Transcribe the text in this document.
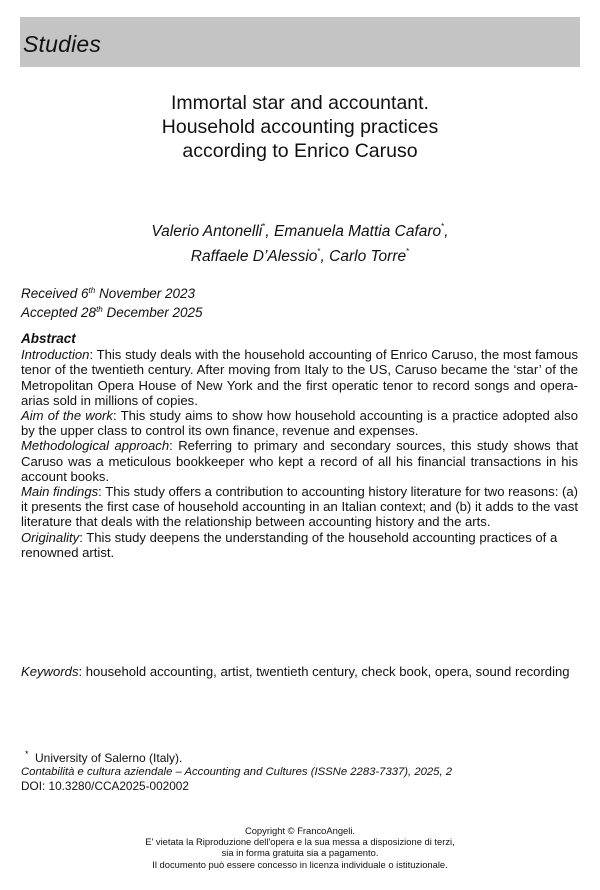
Studies
Immortal star and accountant.
Household accounting practices
according to Enrico Caruso
Valerio Antonelli*, Emanuela Mattia Cafaro*,
Raffaele D’Alessio*, Carlo Torre*
Received 6th November 2023
Accepted 28th December 2025
Abstract

Introduction: This study deals with the household accounting of Enrico Caruso, the most famous tenor of the twentieth century. After moving from Italy to the US, Caruso became the ‘star’ of the Metropolitan Opera House of New York and the first operatic tenor to record songs and opera-arias sold in millions of copies.

Aim of the work: This study aims to show how household accounting is a practice adopted also by the upper class to control its own finance, revenue and expenses.

Methodological approach: Referring to primary and secondary sources, this study shows that Caruso was a meticulous bookkeeper who kept a record of all his financial transactions in his account books.

Main findings: This study offers a contribution to accounting history literature for two reasons: (a) it presents the first case of household accounting in an Italian context; and (b) it adds to the vast literature that deals with the relationship between accounting history and the arts.

Originality: This study deepens the understanding of the household accounting practices of a renowned artist.

Keywords: household accounting, artist, twentieth century, check book, opera, sound recording
* University of Salerno (Italy).
Contabilità e cultura aziendale – Accounting and Cultures (ISSNe 2283-7337), 2025, 2
DOI: 10.3280/CCA2025-002002
Copyright © FrancoAngeli.
E' vietata la Riproduzione dell'opera e la sua messa a disposizione di terzi,
sia in forma gratuita sia a pagamento.
Il documento può essere concesso in licenza individuale o istituzionale.
